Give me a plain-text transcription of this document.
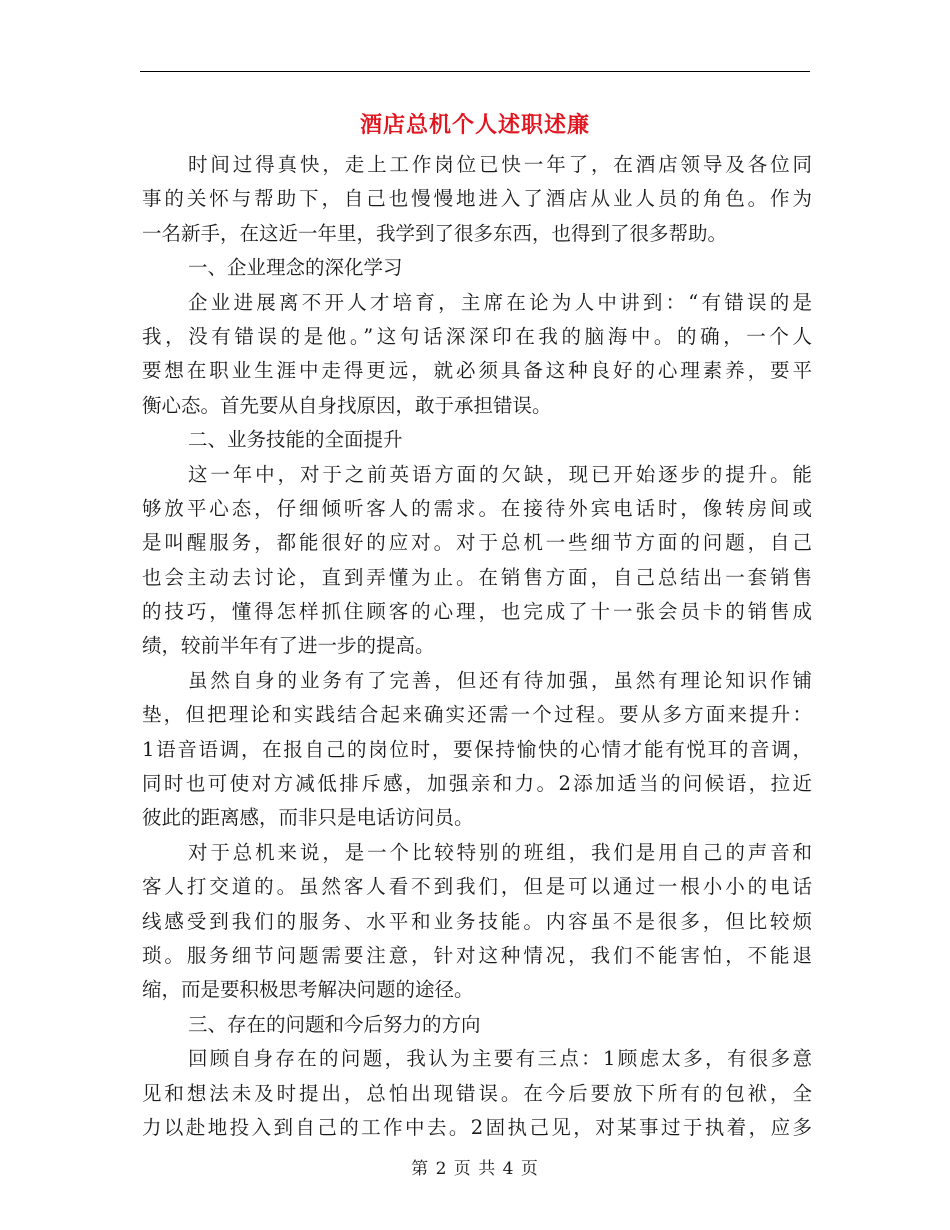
酒店总机个人述职述廉
时间过得真快，走上工作岗位已快一年了，在酒店领导及各位同
事的关怀与帮助下，自己也慢慢地进入了酒店从业人员的角色。作为
一名新手，在这近一年里，我学到了很多东西，也得到了很多帮助。
一、企业理念的深化学习
企业进展离不开人才培育，主席在论为人中讲到：“有错误的是
我，没有错误的是他。”这句话深深印在我的脑海中。的确，一个人
要想在职业生涯中走得更远，就必须具备这种良好的心理素养，要平
衡心态。首先要从自身找原因，敢于承担错误。
二、业务技能的全面提升
这一年中，对于之前英语方面的欠缺，现已开始逐步的提升。能
够放平心态，仔细倾听客人的需求。在接待外宾电话时，像转房间或
是叫醒服务，都能很好的应对。对于总机一些细节方面的问题，自己
也会主动去讨论，直到弄懂为止。在销售方面，自己总结出一套销售
的技巧，懂得怎样抓住顾客的心理，也完成了十一张会员卡的销售成
绩，较前半年有了进一步的提高。
虽然自身的业务有了完善，但还有待加强，虽然有理论知识作铺
垫，但把理论和实践结合起来确实还需一个过程。要从多方面来提升：
1语音语调，在报自己的岗位时，要保持愉快的心情才能有悦耳的音调，
同时也可使对方减低排斥感，加强亲和力。2添加适当的问候语，拉近
彼此的距离感，而非只是电话访问员。
对于总机来说，是一个比较特别的班组，我们是用自己的声音和
客人打交道的。虽然客人看不到我们，但是可以通过一根小小的电话
线感受到我们的服务、水平和业务技能。内容虽不是很多，但比较烦
琐。服务细节问题需要注意，针对这种情况，我们不能害怕，不能退
缩，而是要积极思考解决问题的途径。
三、存在的问题和今后努力的方向
回顾自身存在的问题，我认为主要有三点：1顾虑太多，有很多意
见和想法未及时提出，总怕出现错误。在今后要放下所有的包袱，全
力以赴地投入到自己的工作中去。2固执己见，对某事过于执着，应多
第 2 页 共 4 页
